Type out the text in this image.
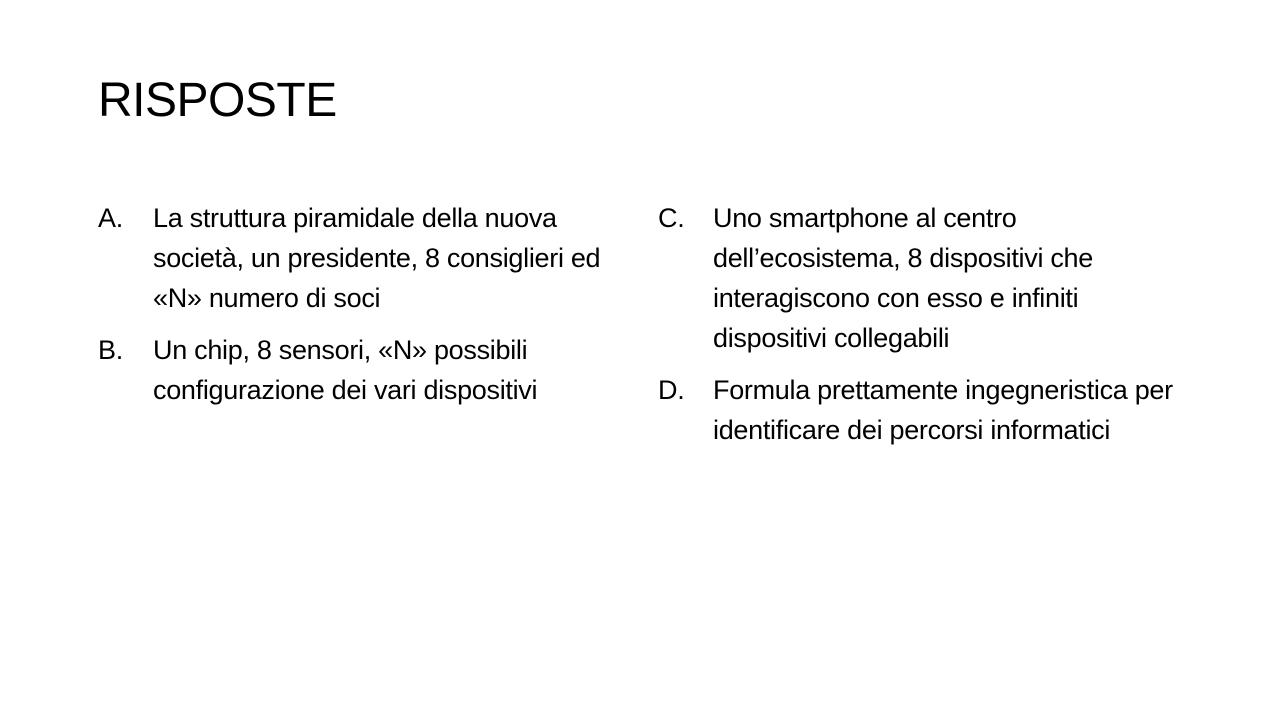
RISPOSTE
A. La struttura piramidale della nuova società, un presidente, 8 consiglieri ed «N» numero di soci
B. Un chip, 8 sensori, «N» possibili configurazione dei vari dispositivi
C. Uno smartphone al centro dell’ecosistema, 8 dispositivi che interagiscono con esso e infiniti dispositivi collegabili
D. Formula prettamente ingegneristica per identificare dei percorsi informatici
